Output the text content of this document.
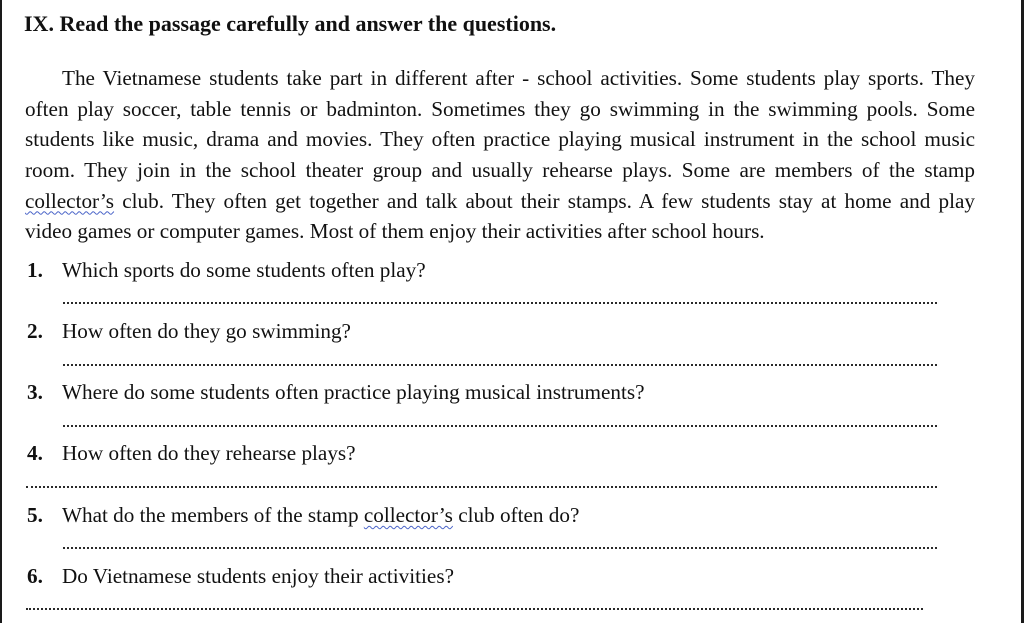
IX. Read the passage carefully and answer the questions.

The Vietnamese students take part in different after - school activities. Some students play sports. They often play soccer, table tennis or badminton. Sometimes they go swimming in the swimming pools. Some students like music, drama and movies. They often practice playing musical instrument in the school music room. They join in the school theater group and usually rehearse plays. Some are members of the stamp collector’s club. They often get together and talk about their stamps. A few students stay at home and play video games or computer games. Most of them enjoy their activities after school hours.

1. Which sports do some students often play?
2. How often do they go swimming?
3. Where do some students often practice playing musical instruments?
4. How often do they rehearse plays?
5. What do the members of the stamp collector’s club often do?
6. Do Vietnamese students enjoy their activities?
